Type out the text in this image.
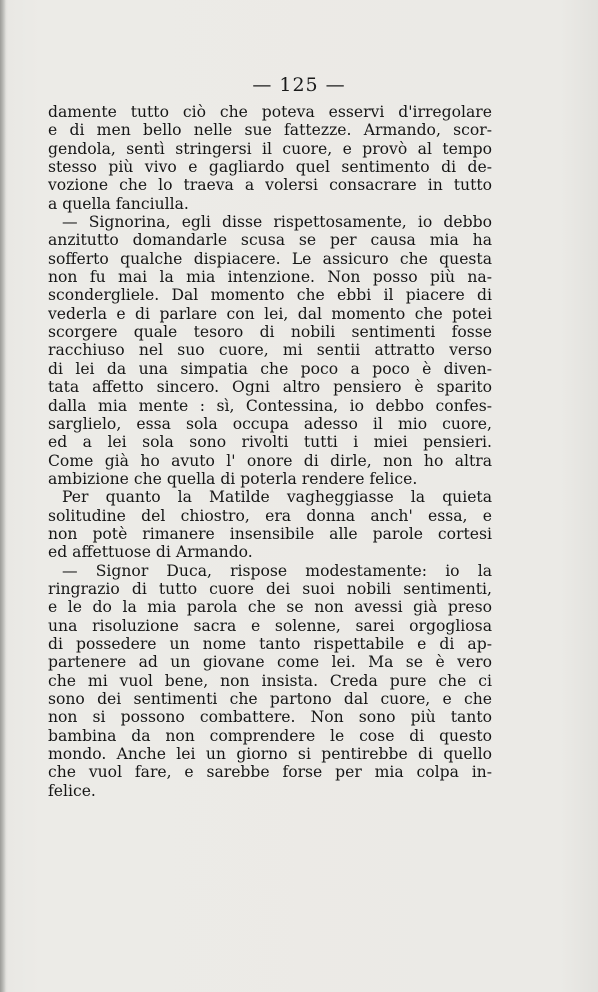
— 125 —
damente tutto ciò che poteva esservi d'irregolare
e di men bello nelle sue fattezze. Armando, scor-
gendola, sentì stringersi il cuore, e provò al tempo
stesso più vivo e gagliardo quel sentimento di de-
vozione che lo traeva a volersi consacrare in tutto
a quella fanciulla.
— Signorina, egli disse rispettosamente, io debbo
anzitutto domandarle scusa se per causa mia ha
sofferto qualche dispiacere. Le assicuro che questa
non fu mai la mia intenzione. Non posso più na-
scondergliele. Dal momento che ebbi il piacere di
vederla e di parlare con lei, dal momento che potei
scorgere quale tesoro di nobili sentimenti fosse
racchiuso nel suo cuore, mi sentii attratto verso
di lei da una simpatia che poco a poco è diven-
tata affetto sincero. Ogni altro pensiero è sparito
dalla mia mente : sì, Contessina, io debbo confes-
sarglielo, essa sola occupa adesso il mio cuore,
ed a lei sola sono rivolti tutti i miei pensieri.
Come già ho avuto l' onore di dirle, non ho altra
ambizione che quella di poterla rendere felice.
Per quanto la Matilde vagheggiasse la quieta
solitudine del chiostro, era donna anch' essa, e
non potè rimanere insensibile alle parole cortesi
ed affettuose di Armando.
— Signor Duca, rispose modestamente: io la
ringrazio di tutto cuore dei suoi nobili sentimenti,
e le do la mia parola che se non avessi già preso
una risoluzione sacra e solenne, sarei orgogliosa
di possedere un nome tanto rispettabile e di ap-
partenere ad un giovane come lei. Ma se è vero
che mi vuol bene, non insista. Creda pure che ci
sono dei sentimenti che partono dal cuore, e che
non si possono combattere. Non sono più tanto
bambina da non comprendere le cose di questo
mondo. Anche lei un giorno si pentirebbe di quello
che vuol fare, e sarebbe forse per mia colpa in-
felice.
